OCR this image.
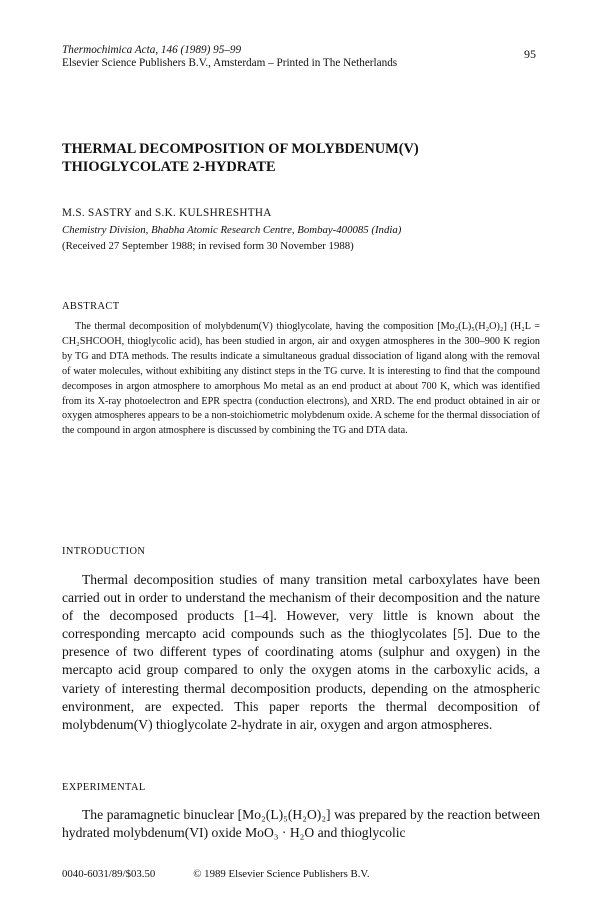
Thermochimica Acta, 146 (1989) 95–99
Elsevier Science Publishers B.V., Amsterdam – Printed in The Netherlands
95
THERMAL DECOMPOSITION OF MOLYBDENUM(V)
THIOGLYCOLATE 2-HYDRATE
M.S. SASTRY and S.K. KULSHRESHTHA
Chemistry Division, Bhabha Atomic Research Centre, Bombay-400085 (India)
(Received 27 September 1988; in revised form 30 November 1988)
ABSTRACT

The thermal decomposition of molybdenum(V) thioglycolate, having the composition [Mo₂(L)₅(H₂O)₂] (H₂L = CH₂SHCOOH, thioglycolic acid), has been studied in argon, air and oxygen atmospheres in the 300–900 K region by TG and DTA methods. The results indicate a simultaneous gradual dissociation of ligand along with the removal of water molecules, without exhibiting any distinct steps in the TG curve. It is interesting to find that the compound decomposes in argon atmosphere to amorphous Mo metal as an end product at about 700 K, which was identified from its X-ray photoelectron and EPR spectra (conduction electrons), and XRD. The end product obtained in air or oxygen atmospheres appears to be a non-stoichiometric molybdenum oxide. A scheme for the thermal dissociation of the compound in argon atmosphere is discussed by combining the TG and DTA data.

INTRODUCTION

Thermal decomposition studies of many transition metal carboxylates have been carried out in order to understand the mechanism of their decomposition and the nature of the decomposed products [1–4]. However, very little is known about the corresponding mercapto acid compounds such as the thioglycolates [5]. Due to the presence of two different types of coordinating atoms (sulphur and oxygen) in the mercapto acid group compared to only the oxygen atoms in the carboxylic acids, a variety of interesting thermal decomposition products, depending on the atmospheric environment, are expected. This paper reports the thermal decomposition of molybdenum(V) thioglycolate 2-hydrate in air, oxygen and argon atmospheres.

EXPERIMENTAL

The paramagnetic binuclear [Mo₂(L)₅(H₂O)₂] was prepared by the reaction between hydrated molybdenum(VI) oxide MoO₃ · H₂O and thioglycolic

0040-6031/89/$03.50	© 1989 Elsevier Science Publishers B.V.
